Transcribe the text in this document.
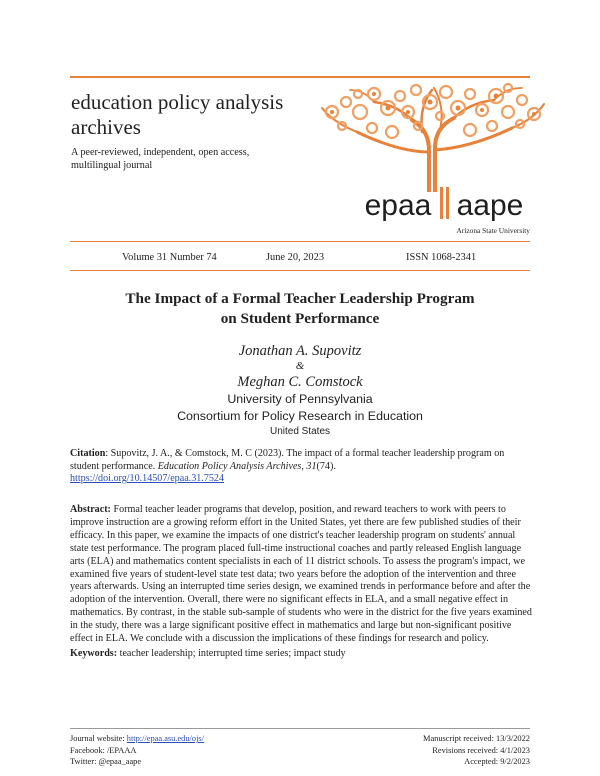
education policy analysis archives
A peer-reviewed, independent, open access, multilingual journal
epaa aape
Arizona State University
Volume 31 Number 74	June 20, 2023	ISSN 1068-2341
The Impact of a Formal Teacher Leadership Program
on Student Performance
Jonathan A. Supovitz
&
Meghan C. Comstock
University of Pennsylvania
Consortium for Policy Research in Education
United States
Citation: Supovitz, J. A., & Comstock, M. C (2023). The impact of a formal teacher leadership program on student performance. Education Policy Analysis Archives, 31(74).
https://doi.org/10.14507/epaa.31.7524
Abstract: Formal teacher leader programs that develop, position, and reward teachers to work with peers to improve instruction are a growing reform effort in the United States, yet there are few published studies of their efficacy. In this paper, we examine the impacts of one district's teacher leadership program on students' annual state test performance. The program placed full-time instructional coaches and partly released English language arts (ELA) and mathematics content specialists in each of 11 district schools. To assess the program's impact, we examined five years of student-level state test data; two years before the adoption of the intervention and three years afterwards. Using an interrupted time series design, we examined trends in performance before and after the adoption of the intervention. Overall, there were no significant effects in ELA, and a small negative effect in mathematics. By contrast, in the stable sub-sample of students who were in the district for the five years examined in the study, there was a large significant positive effect in mathematics and large but non-significant positive effect in ELA. We conclude with a discussion the implications of these findings for research and policy.
Keywords: teacher leadership; interrupted time series; impact study
Journal website: http://epaa.asu.edu/ojs/
Facebook: /EPAAA
Twitter: @epaa_aape
Manuscript received: 13/3/2022
Revisions received: 4/1/2023
Accepted: 9/2/2023
